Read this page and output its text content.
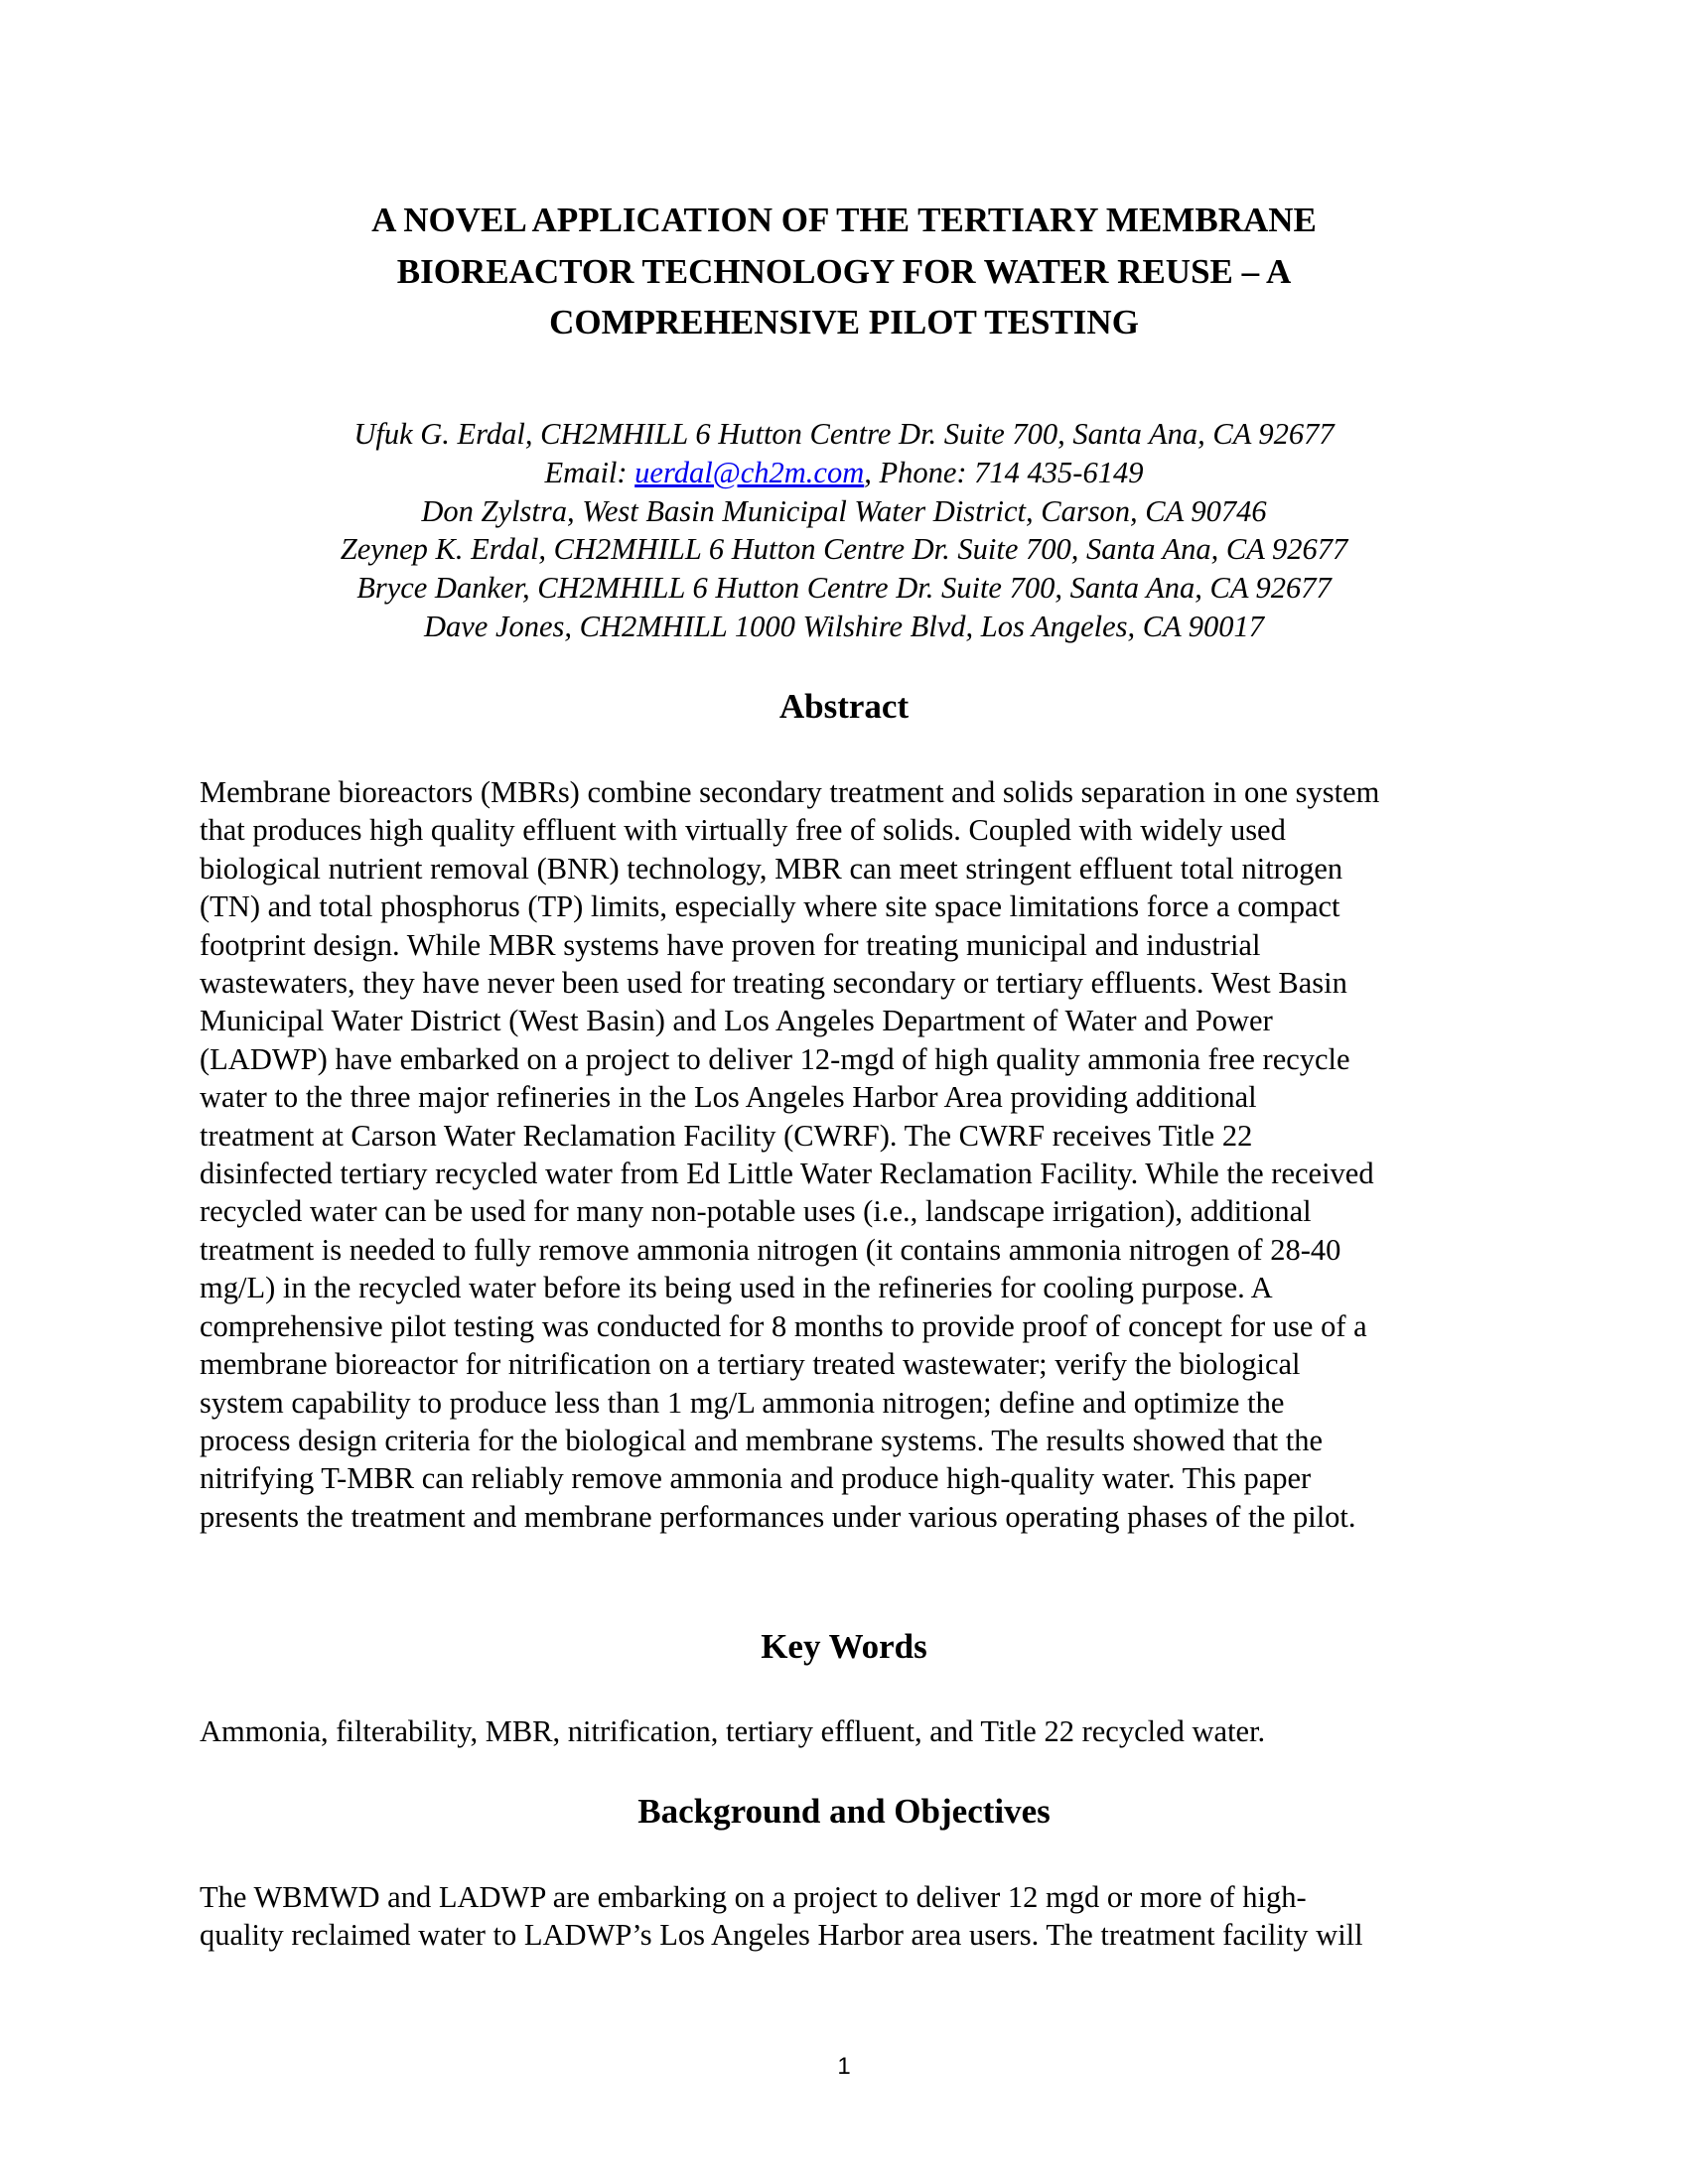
A NOVEL APPLICATION OF THE TERTIARY MEMBRANE
BIOREACTOR TECHNOLOGY FOR WATER REUSE – A
COMPREHENSIVE PILOT TESTING
Ufuk G. Erdal, CH2MHILL 6 Hutton Centre Dr. Suite 700, Santa Ana, CA 92677
Email: uerdal@ch2m.com, Phone: 714 435-6149
Don Zylstra, West Basin Municipal Water District, Carson, CA 90746
Zeynep K. Erdal, CH2MHILL 6 Hutton Centre Dr. Suite 700, Santa Ana, CA 92677
Bryce Danker, CH2MHILL 6 Hutton Centre Dr. Suite 700, Santa Ana, CA 92677
Dave Jones, CH2MHILL 1000 Wilshire Blvd, Los Angeles, CA 90017
Abstract
Membrane bioreactors (MBRs) combine secondary treatment and solids separation in one system
that produces high quality effluent with virtually free of solids. Coupled with widely used
biological nutrient removal (BNR) technology, MBR can meet stringent effluent total nitrogen
(TN) and total phosphorus (TP) limits, especially where site space limitations force a compact
footprint design. While MBR systems have proven for treating municipal and industrial
wastewaters, they have never been used for treating secondary or tertiary effluents. West Basin
Municipal Water District (West Basin) and Los Angeles Department of Water and Power
(LADWP) have embarked on a project to deliver 12-mgd of high quality ammonia free recycle
water to the three major refineries in the Los Angeles Harbor Area providing additional
treatment at Carson Water Reclamation Facility (CWRF). The CWRF receives Title 22
disinfected tertiary recycled water from Ed Little Water Reclamation Facility. While the received
recycled water can be used for many non-potable uses (i.e., landscape irrigation), additional
treatment is needed to fully remove ammonia nitrogen (it contains ammonia nitrogen of 28-40
mg/L) in the recycled water before its being used in the refineries for cooling purpose. A
comprehensive pilot testing was conducted for 8 months to provide proof of concept for use of a
membrane bioreactor for nitrification on a tertiary treated wastewater; verify the biological
system capability to produce less than 1 mg/L ammonia nitrogen; define and optimize the
process design criteria for the biological and membrane systems. The results showed that the
nitrifying T-MBR can reliably remove ammonia and produce high-quality water. This paper
presents the treatment and membrane performances under various operating phases of the pilot.
Key Words
Ammonia, filterability, MBR, nitrification, tertiary effluent, and Title 22 recycled water.
Background and Objectives
The WBMWD and LADWP are embarking on a project to deliver 12 mgd or more of high-
quality reclaimed water to LADWP’s Los Angeles Harbor area users. The treatment facility will
1
